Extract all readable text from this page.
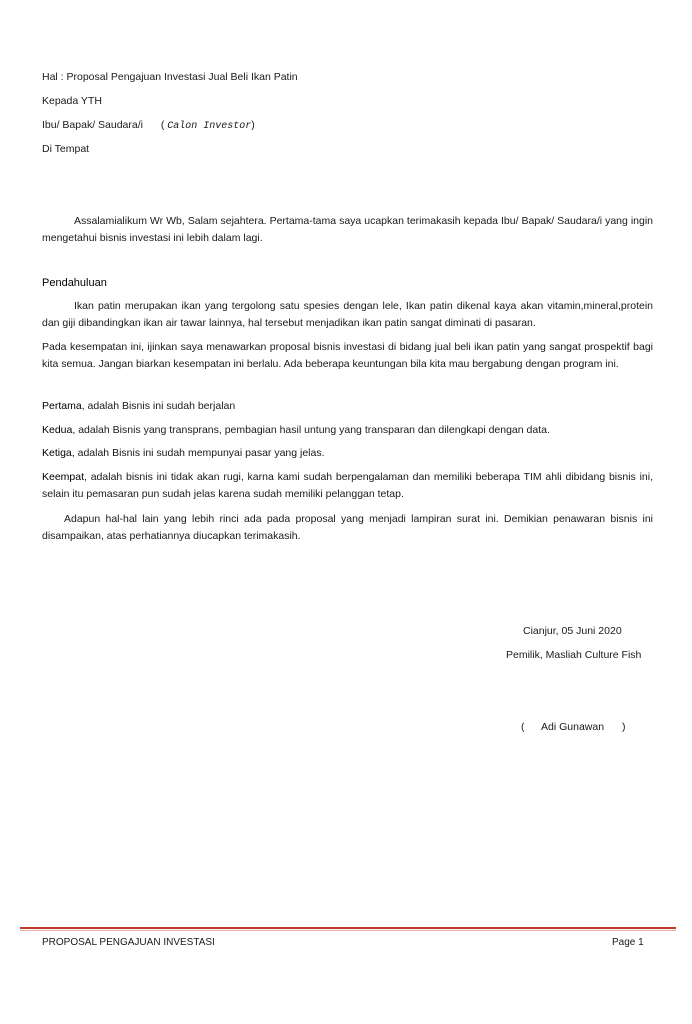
Hal : Proposal Pengajuan Investasi Jual Beli Ikan Patin
Kepada YTH
Ibu/ Bapak/ Saudara/i ( Calon Investor)
Di Tempat

Assalamialikum Wr Wb, Salam sejahtera. Pertama-tama saya ucapkan terimakasih kepada Ibu/ Bapak/ Saudara/i yang ingin mengetahui bisnis investasi ini lebih dalam lagi.

Pendahuluan

Ikan patin merupakan ikan yang tergolong satu spesies dengan lele, Ikan patin dikenal kaya akan vitamin,mineral,protein dan giji dibandingkan ikan air tawar lainnya, hal tersebut menjadikan ikan patin sangat diminati di pasaran.

Pada kesempatan ini, ijinkan saya menawarkan proposal bisnis investasi di bidang jual beli ikan patin yang sangat prospektif bagi kita semua. Jangan biarkan kesempatan ini berlalu. Ada beberapa keuntungan bila kita mau bergabung dengan program ini.

Pertama, adalah Bisnis ini sudah berjalan

Kedua, adalah Bisnis yang transprans, pembagian hasil untung yang transparan dan dilengkapi dengan data.

Ketiga, adalah Bisnis ini sudah mempunyai pasar yang jelas.

Keempat, adalah bisnis ini tidak akan rugi, karna kami sudah berpengalaman dan memiliki beberapa TIM ahli dibidang bisnis ini, selain itu pemasaran pun sudah jelas karena sudah memiliki pelanggan tetap.

Adapun hal-hal lain yang lebih rinci ada pada proposal yang menjadi lampiran surat ini. Demikian penawaran bisnis ini disampaikan, atas perhatiannya diucapkan terimakasih.

Cianjur, 05 Juni 2020
Pemilik, Masliah Culture Fish
( Adi Gunawan )
PROPOSAL PENGAJUAN INVESTASI	Page 1
